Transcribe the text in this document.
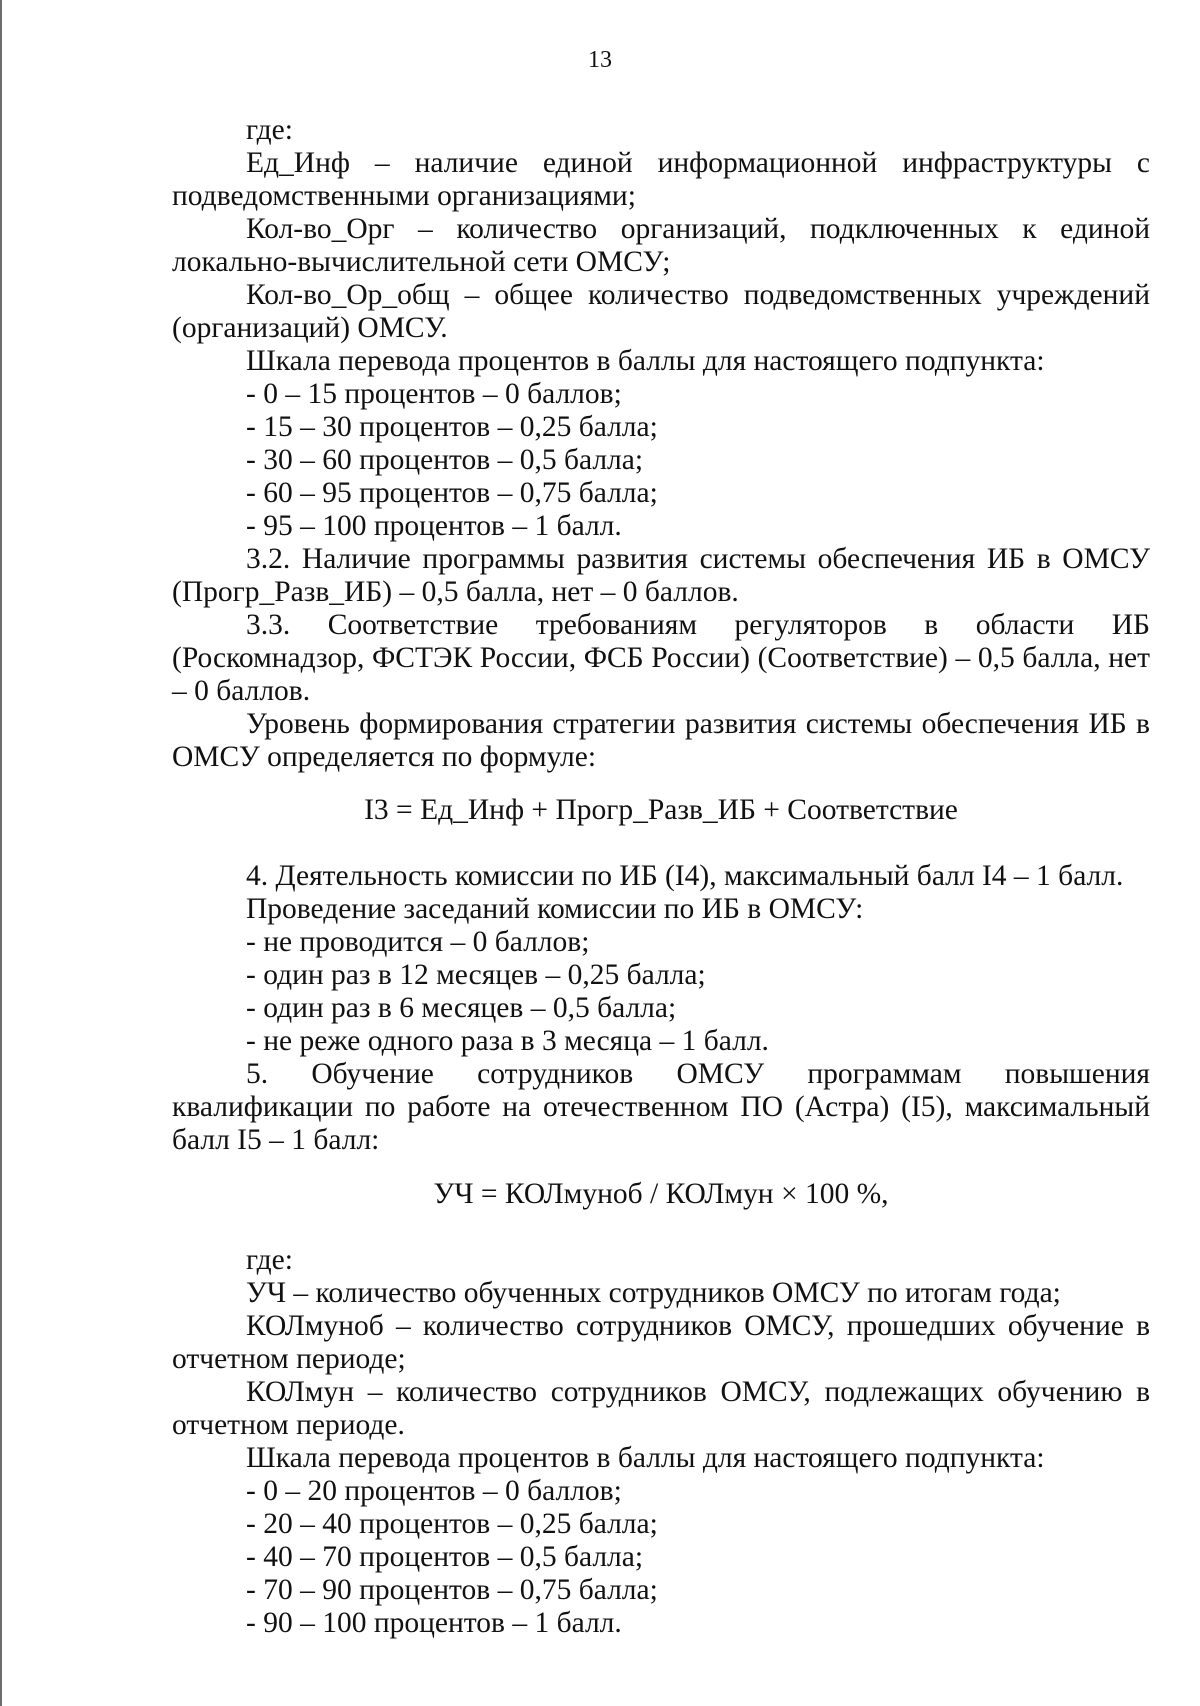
13

где:

Ед_Инф – наличие единой информационной инфраструктуры с подведомственными организациями;

Кол-во_Орг – количество организаций, подключенных к единой локально-вычислительной сети ОМСУ;

Кол-во_Ор_общ – общее количество подведомственных учреждений (организаций) ОМСУ.

Шкала перевода процентов в баллы для настоящего подпункта:

- 0 – 15 процентов – 0 баллов;

- 15 – 30 процентов – 0,25 балла;

- 30 – 60 процентов – 0,5 балла;

- 60 – 95 процентов – 0,75 балла;

- 95 – 100 процентов – 1 балл.

3.2. Наличие программы развития системы обеспечения ИБ в ОМСУ (Прогр_Разв_ИБ) – 0,5 балла, нет – 0 баллов.

3.3. Соответствие требованиям регуляторов в области ИБ (Роскомнадзор, ФСТЭК России, ФСБ России) (Соответствие) – 0,5 балла, нет – 0 баллов.

Уровень формирования стратегии развития системы обеспечения ИБ в ОМСУ определяется по формуле:

I3 = Ед_Инф + Прогр_Разв_ИБ + Соответствие

4. Деятельность комиссии по ИБ (I4), максимальный балл I4 – 1 балл.

Проведение заседаний комиссии по ИБ в ОМСУ:

- не проводится – 0 баллов;

- один раз в 12 месяцев – 0,25 балла;

- один раз в 6 месяцев – 0,5 балла;

- не реже одного раза в 3 месяца – 1 балл.

5. Обучение сотрудников ОМСУ программам повышения квалификации по работе на отечественном ПО (Астра) (I5), максимальный балл I5 – 1 балл:

УЧ = КОЛмуноб / КОЛмун × 100 %,

где:

УЧ – количество обученных сотрудников ОМСУ по итогам года;

КОЛмуноб – количество сотрудников ОМСУ, прошедших обучение в отчетном периоде;

КОЛмун – количество сотрудников ОМСУ, подлежащих обучению в отчетном периоде.

Шкала перевода процентов в баллы для настоящего подпункта:

- 0 – 20 процентов – 0 баллов;

- 20 – 40 процентов – 0,25 балла;

- 40 – 70 процентов – 0,5 балла;

- 70 – 90 процентов – 0,75 балла;

- 90 – 100 процентов – 1 балл.
